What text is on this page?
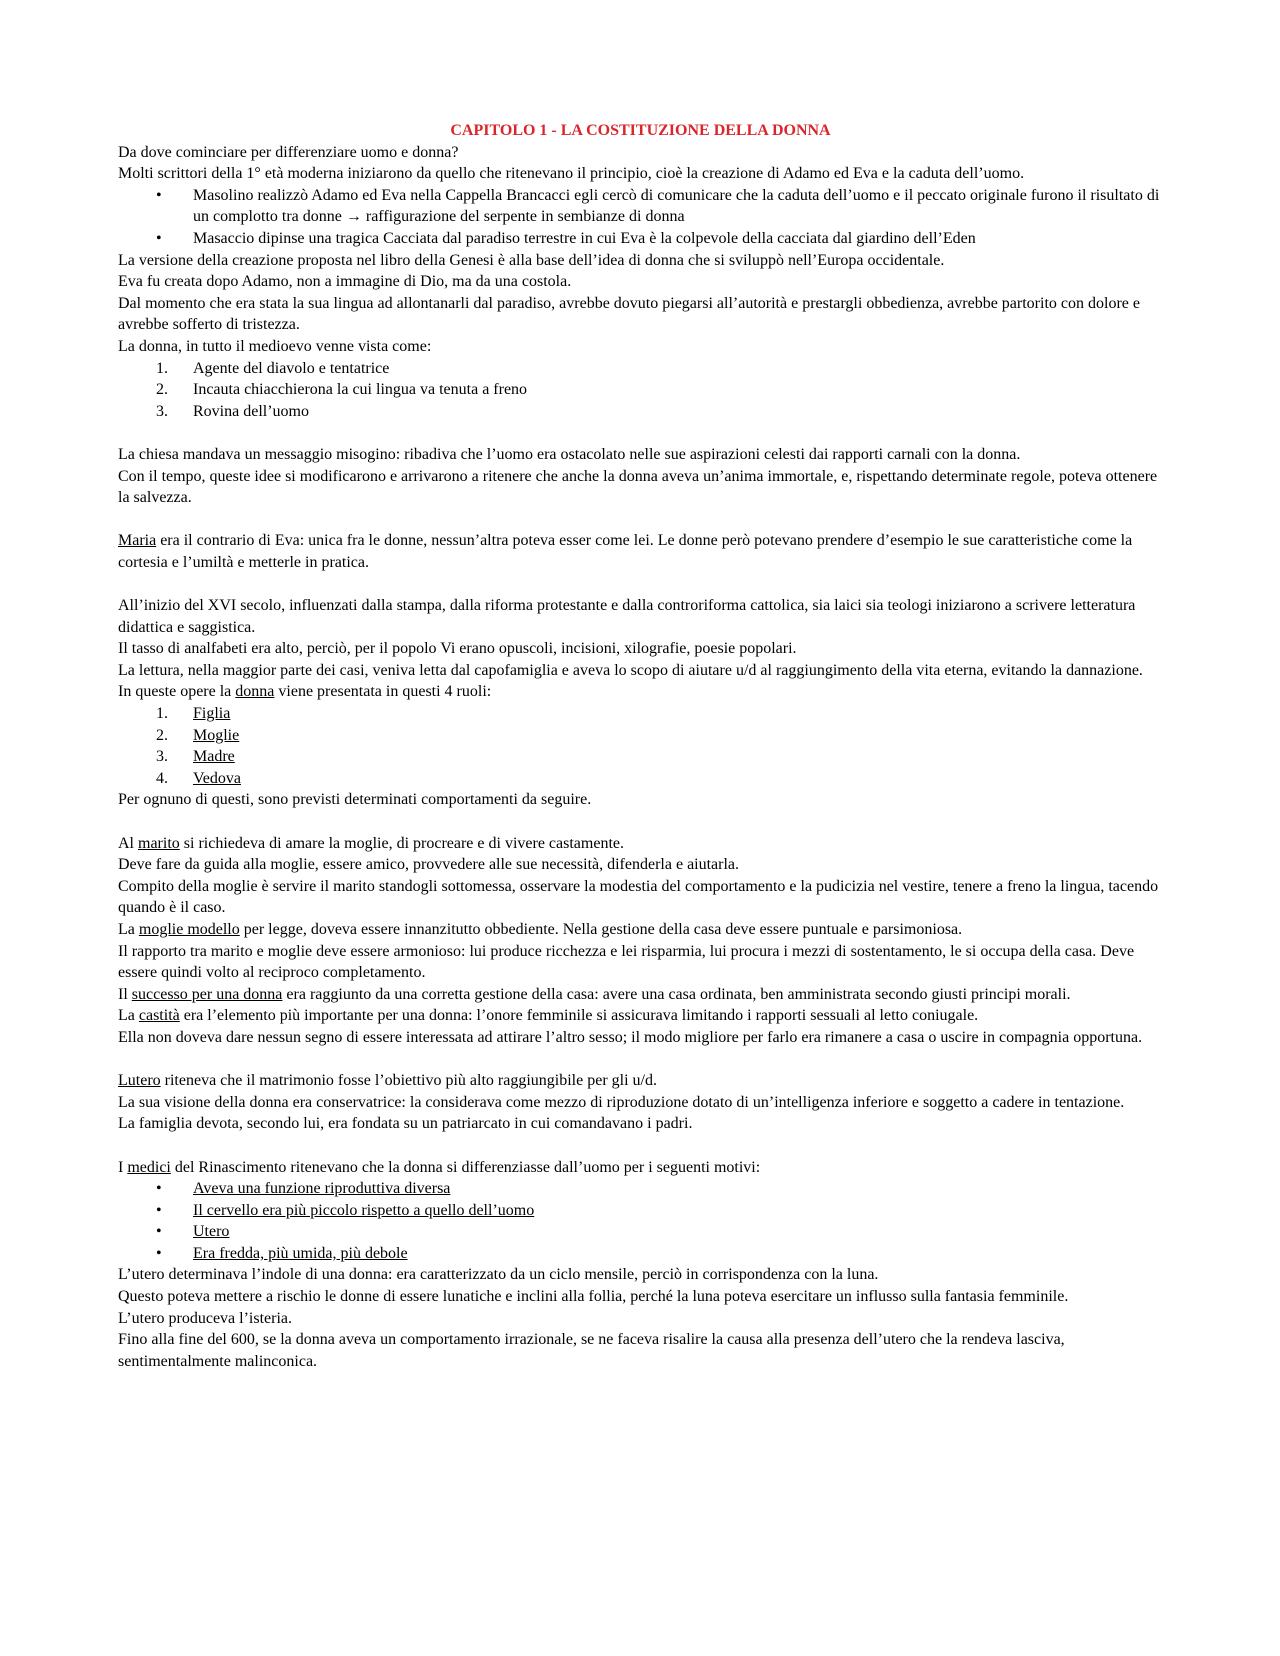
CAPITOLO 1 - LA COSTITUZIONE DELLA DONNA

Da dove cominciare per differenziare uomo e donna?

Molti scrittori della 1° età moderna iniziarono da quello che ritenevano il principio, cioè la creazione di Adamo ed Eva e la caduta dell’uomo.

•	Masolino realizzò Adamo ed Eva nella Cappella Brancacci egli cercò di comunicare che la caduta dell’uomo e il peccato originale furono il risultato di un complotto tra donne → raffigurazione del serpente in sembianze di donna
•	Masaccio dipinse una tragica Cacciata dal paradiso terrestre in cui Eva è la colpevole della cacciata dal giardino dell’Eden

La versione della creazione proposta nel libro della Genesi è alla base dell’idea di donna che si sviluppò nell’Europa occidentale.

Eva fu creata dopo Adamo, non a immagine di Dio, ma da una costola.

Dal momento che era stata la sua lingua ad allontanarli dal paradiso, avrebbe dovuto piegarsi all’autorità e prestargli obbedienza, avrebbe partorito con dolore e avrebbe sofferto di tristezza.

La donna, in tutto il medioevo venne vista come:

1.	Agente del diavolo e tentatrice
2.	Incauta chiacchierona la cui lingua va tenuta a freno
3.	Rovina dell’uomo

La chiesa mandava un messaggio misogino: ribadiva che l’uomo era ostacolato nelle sue aspirazioni celesti dai rapporti carnali con la donna.

Con il tempo, queste idee si modificarono e arrivarono a ritenere che anche la donna aveva un’anima immortale, e, rispettando determinate regole, poteva ottenere la salvezza.

Maria era il contrario di Eva: unica fra le donne, nessun’altra poteva esser come lei. Le donne però potevano prendere d’esempio le sue caratteristiche come la cortesia e l’umiltà e metterle in pratica.

All’inizio del XVI secolo, influenzati dalla stampa, dalla riforma protestante e dalla controriforma cattolica, sia laici sia teologi iniziarono a scrivere letteratura didattica e saggistica.

Il tasso di analfabeti era alto, perciò, per il popolo Vi erano opuscoli, incisioni, xilografie, poesie popolari.

La lettura, nella maggior parte dei casi, veniva letta dal capofamiglia e aveva lo scopo di aiutare u/d al raggiungimento della vita eterna, evitando la dannazione.

In queste opere la donna viene presentata in questi 4 ruoli:

1.	Figlia
2.	Moglie
3.	Madre
4.	Vedova

Per ognuno di questi, sono previsti determinati comportamenti da seguire.

Al marito si richiedeva di amare la moglie, di procreare e di vivere castamente.

Deve fare da guida alla moglie, essere amico, provvedere alle sue necessità, difenderla e aiutarla.

Compito della moglie è servire il marito standogli sottomessa, osservare la modestia del comportamento e la pudicizia nel vestire, tenere a freno la lingua, tacendo quando è il caso.

La moglie modello per legge, doveva essere innanzitutto obbediente. Nella gestione della casa deve essere puntuale e parsimoniosa.

Il rapporto tra marito e moglie deve essere armonioso: lui produce ricchezza e lei risparmia, lui procura i mezzi di sostentamento, le si occupa della casa. Deve essere quindi volto al reciproco completamento.

Il successo per una donna era raggiunto da una corretta gestione della casa: avere una casa ordinata, ben amministrata secondo giusti principi morali.

La castità era l’elemento più importante per una donna: l’onore femminile si assicurava limitando i rapporti sessuali al letto coniugale.

Ella non doveva dare nessun segno di essere interessata ad attirare l’altro sesso; il modo migliore per farlo era rimanere a casa o uscire in compagnia opportuna.

Lutero riteneva che il matrimonio fosse l’obiettivo più alto raggiungibile per gli u/d.

La sua visione della donna era conservatrice: la considerava come mezzo di riproduzione dotato di un’intelligenza inferiore e soggetto a cadere in tentazione.

La famiglia devota, secondo lui, era fondata su un patriarcato in cui comandavano i padri.

I medici del Rinascimento ritenevano che la donna si differenziasse dall’uomo per i seguenti motivi:

•	Aveva una funzione riproduttiva diversa
•	Il cervello era più piccolo rispetto a quello dell’uomo
•	Utero
•	Era fredda, più umida, più debole

L’utero determinava l’indole di una donna: era caratterizzato da un ciclo mensile, perciò in corrispondenza con la luna.

Questo poteva mettere a rischio le donne di essere lunatiche e inclini alla follia, perché la luna poteva esercitare un influsso sulla fantasia femminile.

L’utero produceva l’isteria.

Fino alla fine del 600, se la donna aveva un comportamento irrazionale, se ne faceva risalire la causa alla presenza dell’utero che la rendeva lasciva, sentimentalmente malinconica.
